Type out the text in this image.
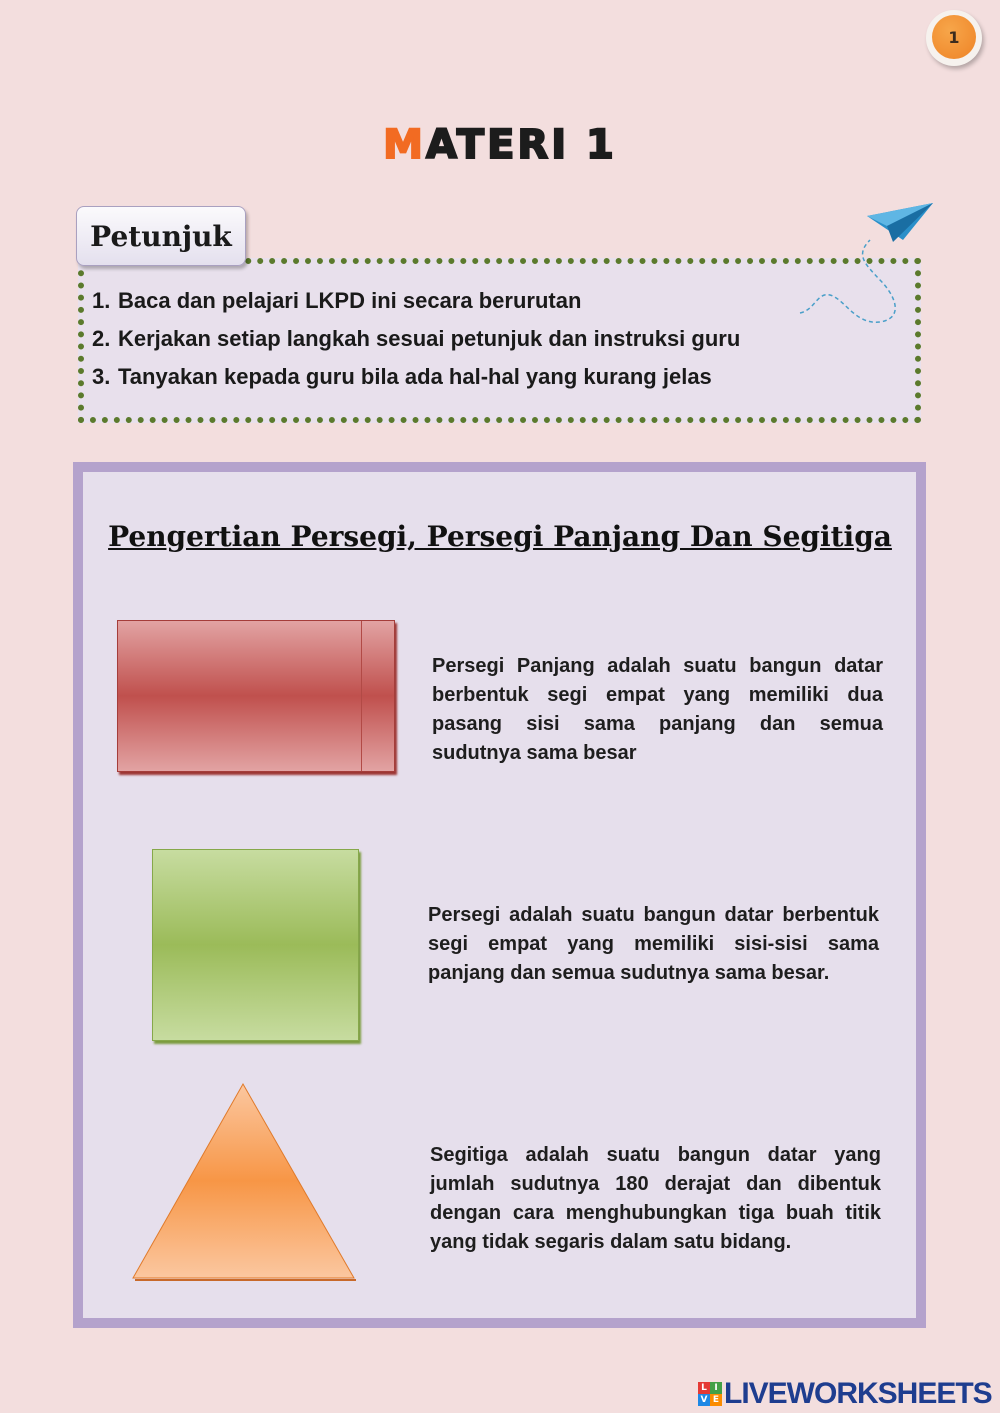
1
MATERI 1
Petunjuk
1. Baca dan pelajari LKPD ini secara berurutan
2. Kerjakan setiap langkah sesuai petunjuk dan instruksi guru
3. Tanyakan kepada guru bila ada hal-hal yang kurang jelas
Pengertian Persegi, Persegi Panjang Dan Segitiga

Persegi Panjang adalah suatu bangun datar berbentuk segi empat yang memiliki dua pasang sisi sama panjang dan semua sudutnya sama besar

Persegi adalah suatu bangun datar berbentuk segi empat yang memiliki sisi-sisi sama panjang dan semua sudutnya sama besar.

Segitiga adalah suatu bangun datar yang jumlah sudutnya 180 derajat dan dibentuk dengan cara menghubungkan tiga buah titik yang tidak segaris dalam satu bidang.

L I
V E LIVEWORKSHEETS
